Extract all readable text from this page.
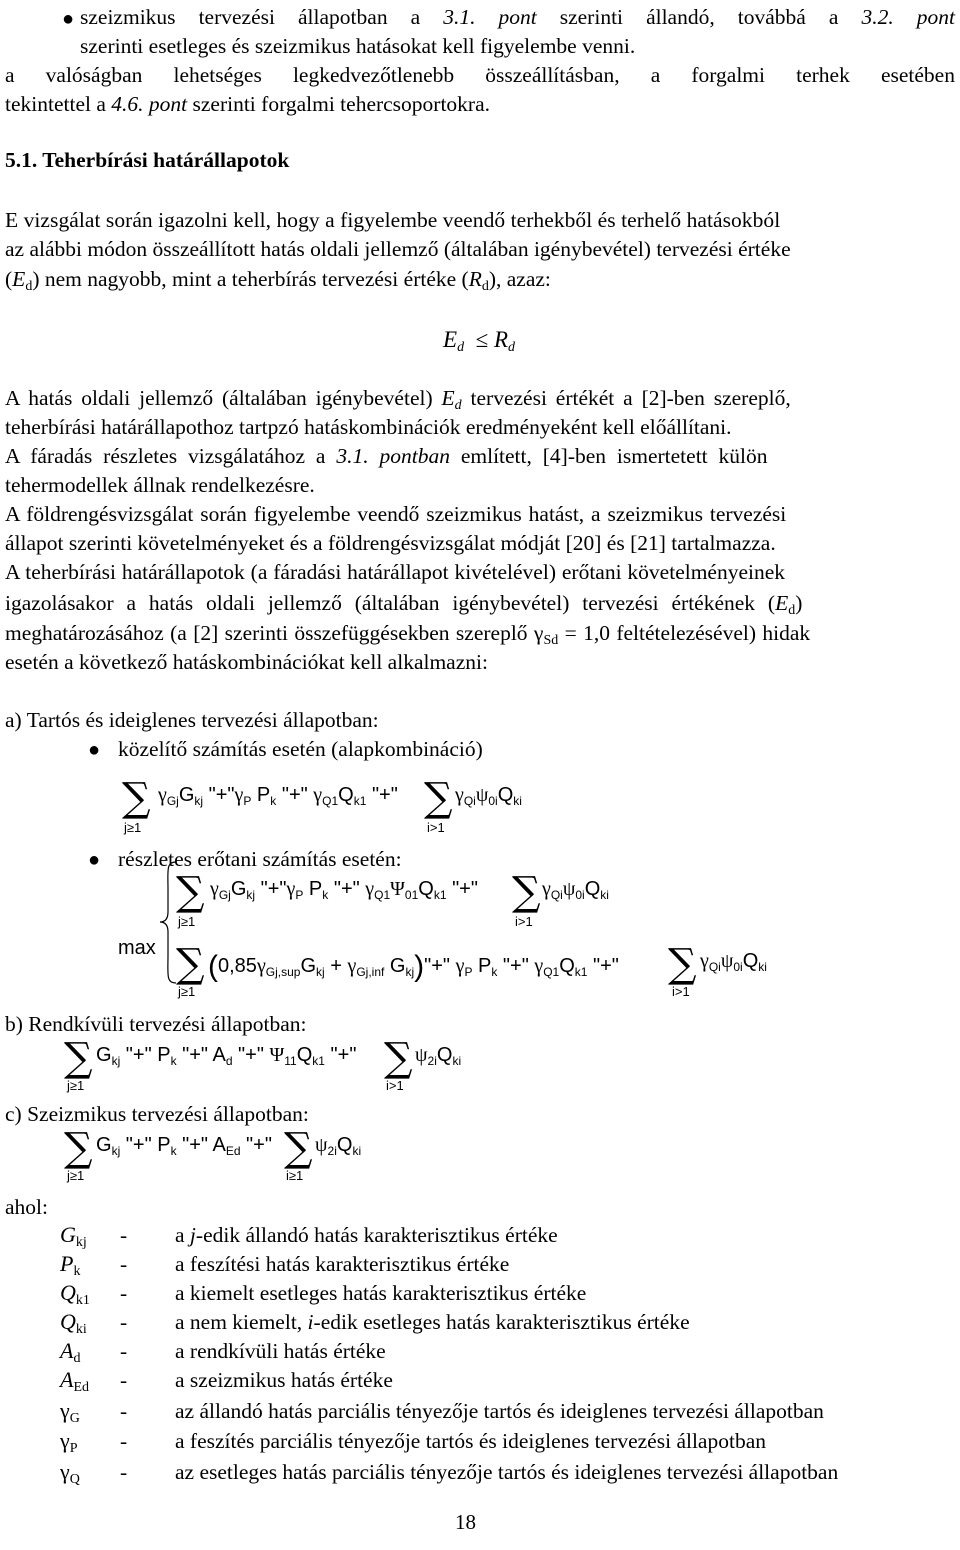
● szeizmikus tervezési állapotban a 3.1. pont szerinti állandó, továbbá a 3.2. pont
szerinti esetleges és szeizmikus hatásokat kell figyelembe venni.
a valóságban lehetséges legkedvezőtlenebb összeállításban, a forgalmi terhek esetében
tekintettel a 4.6. pont szerinti forgalmi tehercsoportokra.
5.1. Teherbírási határállapotok
E vizsgálat során igazolni kell, hogy a figyelembe veendő terhekből és terhelő hatásokból
az alábbi módon összeállított hatás oldali jellemző (általában igénybevétel) tervezési értéke
$(E_d)$ nem nagyobb, mint a teherbírás tervezési értéke $(R_d)$, azaz:
$E_d \le R_d$
A hatás oldali jellemző (általában igénybevétel) $E_d$ tervezési értékét a [2]-ben szereplő,
teherbírási határállapothoz tartpzó hatáskombinációk eredményeként kell előállítani.
A fáradás részletes vizsgálatához a 3.1. pontban említett, [4]-ben ismertetett külön
tehermodellek állnak rendelkezésre.
A földrengésvizsgálat során figyelembe veendő szeizmikus hatást, a szeizmikus tervezési
állapot szerinti követelményeket és a földrengésvizsgálat módját [20] és [21] tartalmazza.
A teherbírási határállapotok (a fáradási határállapot kivételével) erőtani követelményeinek
igazolásakor a hatás oldali jellemző (általában igénybevétel) tervezési értékének $(E_d)$
meghatározásához (a [2] szerinti összefüggésekben szereplő $\gamma_{Sd} = 1,0$ feltételezésével) hidak
esetén a következő hatáskombinációkat kell alkalmazni:
a) Tartós és ideiglenes tervezési állapotban:
● közelítő számítás esetén (alapkombináció)
∑
j≥1
$\gamma_{Gj}G_{kj}$ "$+"\gamma_P$ $P_k$ "+" $\gamma_{Q1}Q_{k1}$ "+" ∑
i>1
$\gamma_{Qi}\psi_{0i}Q_{ki}$
● részletes erőtani számítás esetén:
max
∑
j≥1
$\gamma_{Gj}G_{kj}$ "$+"\gamma_P$ $P_k$ "+" $\gamma_{Q1}\Psi_{01}Q_{k1}$ "+" ∑
i>1
$\gamma_{Qi}\psi_{0i}Q_{ki}$
∑
j≥1
($0,85\gamma_{Gj,sup}G_{kj} + \gamma_{Gj,inf}$ $G_{kj})"+$" $\gamma_P$ $P_k$ "+" $\gamma_{Q1}Q_{k1}$ "+" ∑
i>1
$\gamma_{Qi}\psi_{0i}Q_{ki}$
b) Rendkívüli tervezési állapotban:
∑
j≥1
$G_{kj}$ "+" $P_k$ "+" $A_d$ "+" $\Psi_{11}Q_{k1}$ "+" ∑
i>1
$\psi_{2i}Q_{ki}$
c) Szeizmikus tervezési állapotban:
∑
j≥1
$G_{kj}$ "+" $P_k$ "+" $A_{Ed}$ "+" ∑
i≥1
$\psi_{2i}Q_{ki}$
ahol:
$G_{kj}$ - a j-edik állandó hatás karakterisztikus értéke
$P_k$ - a feszítési hatás karakterisztikus értéke
$Q_{k1}$ - a kiemelt esetleges hatás karakterisztikus értéke
$Q_{ki}$ - a nem kiemelt, i-edik esetleges hatás karakterisztikus értéke
$A_d$ - a rendkívüli hatás értéke
$A_{Ed}$ - a szeizmikus hatás értéke
$\gamma_G$ - az állandó hatás parciális tényezője tartós és ideiglenes tervezési állapotban
$\gamma_P$ - a feszítés parciális tényezője tartós és ideiglenes tervezési állapotban
$\gamma_Q$ - az esetleges hatás parciális tényezője tartós és ideiglenes tervezési állapotban
18
